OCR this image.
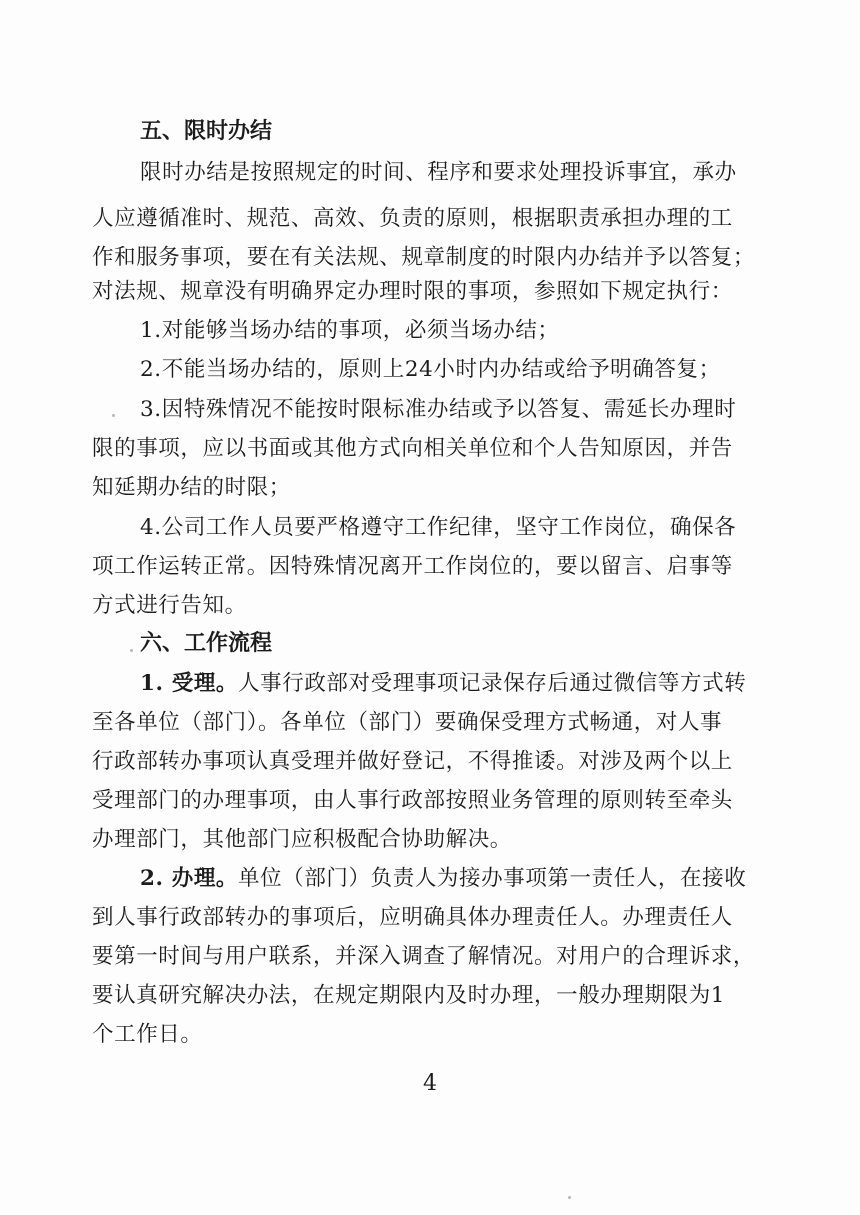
五、限时办结
限时办结是按照规定的时间、程序和要求处理投诉事宜，承办
人应遵循准时、规范、高效、负责的原则，根据职责承担办理的工
作和服务事项，要在有关法规、规章制度的时限内办结并予以答复；
对法规、规章没有明确界定办理时限的事项，参照如下规定执行：
1.对能够当场办结的事项，必须当场办结；
2.不能当场办结的，原则上24小时内办结或给予明确答复；
3.因特殊情况不能按时限标准办结或予以答复、需延长办理时
限的事项，应以书面或其他方式向相关单位和个人告知原因，并告
知延期办结的时限；
4.公司工作人员要严格遵守工作纪律，坚守工作岗位，确保各
项工作运转正常。因特殊情况离开工作岗位的，要以留言、启事等
方式进行告知。
六、工作流程
1. 受理。人事行政部对受理事项记录保存后通过微信等方式转
至各单位（部门）。各单位（部门）要确保受理方式畅通，对人事
行政部转办事项认真受理并做好登记，不得推诿。对涉及两个以上
受理部门的办理事项，由人事行政部按照业务管理的原则转至牵头
办理部门，其他部门应积极配合协助解决。
2. 办理。单位（部门）负责人为接办事项第一责任人，在接收
到人事行政部转办的事项后，应明确具体办理责任人。办理责任人
要第一时间与用户联系，并深入调查了解情况。对用户的合理诉求，
要认真研究解决办法，在规定期限内及时办理，一般办理期限为1
个工作日。
4
